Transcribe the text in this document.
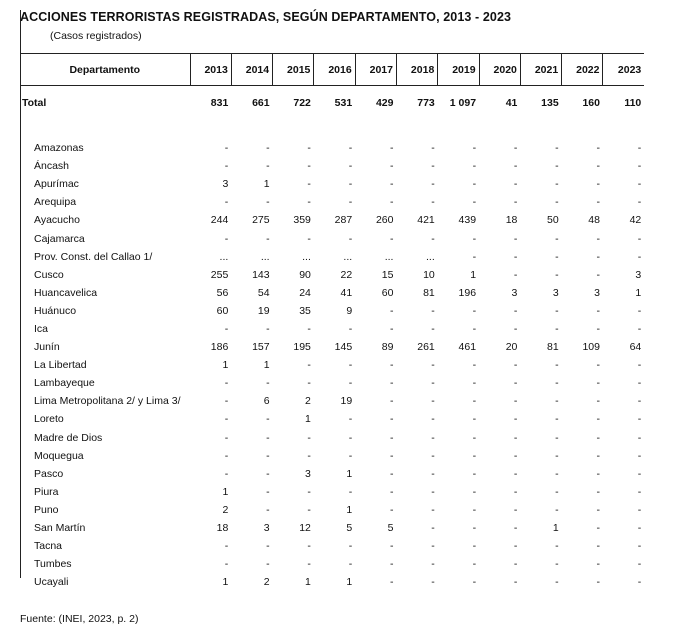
ACCIONES TERRORISTAS REGISTRADAS, SEGÚN DEPARTAMENTO, 2013 - 2023
(Casos registrados)
Departamento	2013	2014	2015	2016	2017	2018	2019	2020	2021	2022	2023
Total	831	661	722	531	429	773	1 097	41	135	160	110

Amazonas	-	-	-	-	-	-	-	-	-	-	-
Áncash	-	-	-	-	-	-	-	-	-	-	-
Apurímac	3	1	-	-	-	-	-	-	-	-	-
Arequipa	-	-	-	-	-	-	-	-	-	-	-
Ayacucho	244	275	359	287	260	421	439	18	50	48	42
Cajamarca	-	-	-	-	-	-	-	-	-	-	-
Prov. Const. del Callao 1/	...	...	...	...	...	...	-	-	-	-	-
Cusco	255	143	90	22	15	10	1	-	-	-	3
Huancavelica	56	54	24	41	60	81	196	3	3	3	1
Huánuco	60	19	35	9	-	-	-	-	-	-	-
Ica	-	-	-	-	-	-	-	-	-	-	-
Junín	186	157	195	145	89	261	461	20	81	109	64
La Libertad	1	1	-	-	-	-	-	-	-	-	-
Lambayeque	-	-	-	-	-	-	-	-	-	-	-
Lima Metropolitana 2/ y Lima 3/	-	6	2	19	-	-	-	-	-	-	-
Loreto	-	-	1	-	-	-	-	-	-	-	-
Madre de Dios	-	-	-	-	-	-	-	-	-	-	-
Moquegua	-	-	-	-	-	-	-	-	-	-	-
Pasco	-	-	3	1	-	-	-	-	-	-	-
Piura	1	-	-	-	-	-	-	-	-	-	-
Puno	2	-	-	1	-	-	-	-	-	-	-
San Martín	18	3	12	5	5	-	-	-	1	-	-
Tacna	-	-	-	-	-	-	-	-	-	-	-
Tumbes	-	-	-	-	-	-	-	-	-	-	-
Ucayali	1	2	1	1	-	-	-	-	-	-	-
Fuente: (INEI, 2023, p. 2)
